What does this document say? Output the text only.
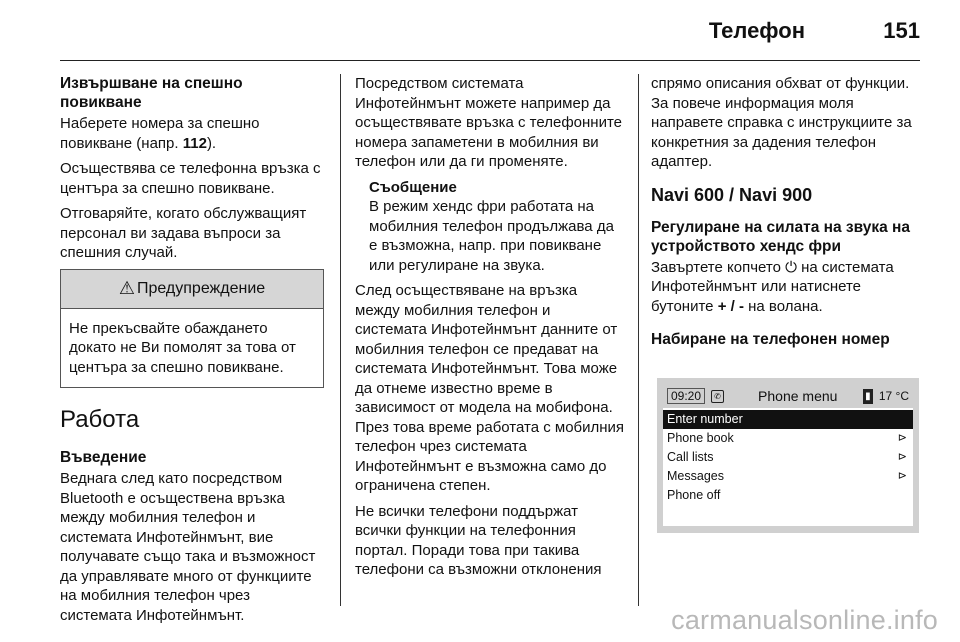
Телефон	151
Извършване на спешно повикване

Наберете номера за спешно повикване (напр. 112).

Осъществява се телефонна връзка с центъра за спешно повикване.

Отговаряйте, когато обслужващият персонал ви задава въпроси за спешния случай.

⚠ Предупреждение
Не прекъсвайте обаждането докато не Ви помолят за това от центъра за спешно повикване.
Работа
Въведение

Веднага след като посредством Bluetooth е осъществена връзка между мобилния телефон и системата Инфотейнмънт, вие получавате също така и възможност да управлявате много от функциите на мобилния телефон чрез системата Инфотейнмънт.

Посредством системата Инфотейнмънт можете например да осъществявате връзка с телефонните номера запаметени в мобилния ви телефон или да ги променяте.

Съобщение

В режим хендс фри работата на мобилния телефон продължава да е възможна, напр. при повикване или регулиране на звука.

След осъществяване на връзка между мобилния телефон и системата Инфотейнмънт данните от мобилния телефон се предават на системата Инфотейнмънт. Това може да отнеме известно време в зависимост от модела на мобифона. През това време работата с мобилния телефон чрез системата Инфотейнмънт е възможна само до ограничена степен.

Не всички телефони поддържат всички функции на телефонния портал. Поради това при такива телефони са възможни отклонения

спрямо описания обхват от функции. За повече информация моля направете справка с инструкциите за конкретния за дадения телефон адаптер.

Navi 600 / Navi 900
Регулиране на силата на звука на устройството хендс фри

Завъртете копчето ⏻ на системата Инфотейнмънт или натиснете бутоните + / - на волана.

Набиране на телефонен номер
09:20	✆	Phone menu	▮ 17 °C
Enter number
Phone book	⊳
Call lists	⊳
Messages	⊳
Phone off
carmanualsonline.info
